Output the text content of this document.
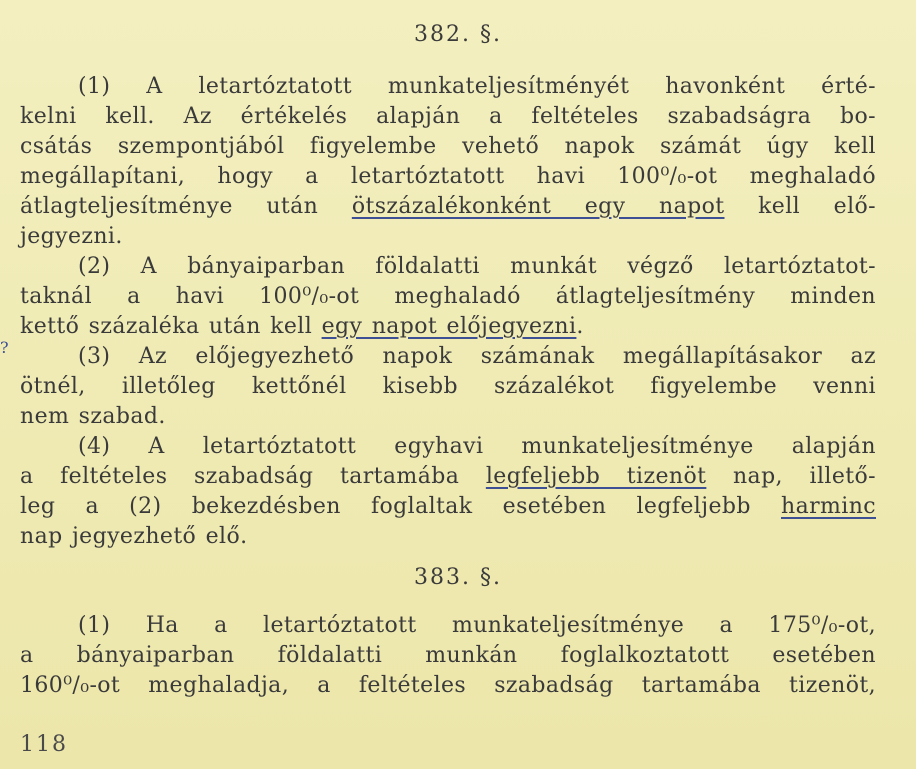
382. §.
(1) A letartóztatott munkateljesítményét havonként érté-
kelni kell. Az értékelés alapján a feltételes szabadságra bo-
csátás szempontjából figyelembe vehető napok számát úgy kell
megállapítani, hogy a letartóztatott havi 100⁰/₀-ot meghaladó
átlagteljesítménye után ötszázalékonként egy napot kell elő-
jegyezni.
(2) A bányaiparban földalatti munkát végző letartóztatot-
taknál a havi 100⁰/₀-ot meghaladó átlagteljesítmény minden
kettő százaléka után kell egy napot előjegyezni.
?	(3) Az előjegyezhető napok számának megállapításakor az
ötnél, illetőleg kettőnél kisebb százalékot figyelembe venni
nem szabad.
(4) A letartóztatott egyhavi munkateljesítménye alapján
a feltételes szabadság tartamába legfeljebb tizenöt nap, illető-
leg a (2) bekezdésben foglaltak esetében legfeljebb harminc
nap jegyezhető elő.
383. §.
(1) Ha a letartóztatott munkateljesítménye a 175⁰/₀-ot,
a bányaiparban földalatti munkán foglalkoztatott esetében
160⁰/₀-ot meghaladja, a feltételes szabadság tartamába tizenöt,
118
